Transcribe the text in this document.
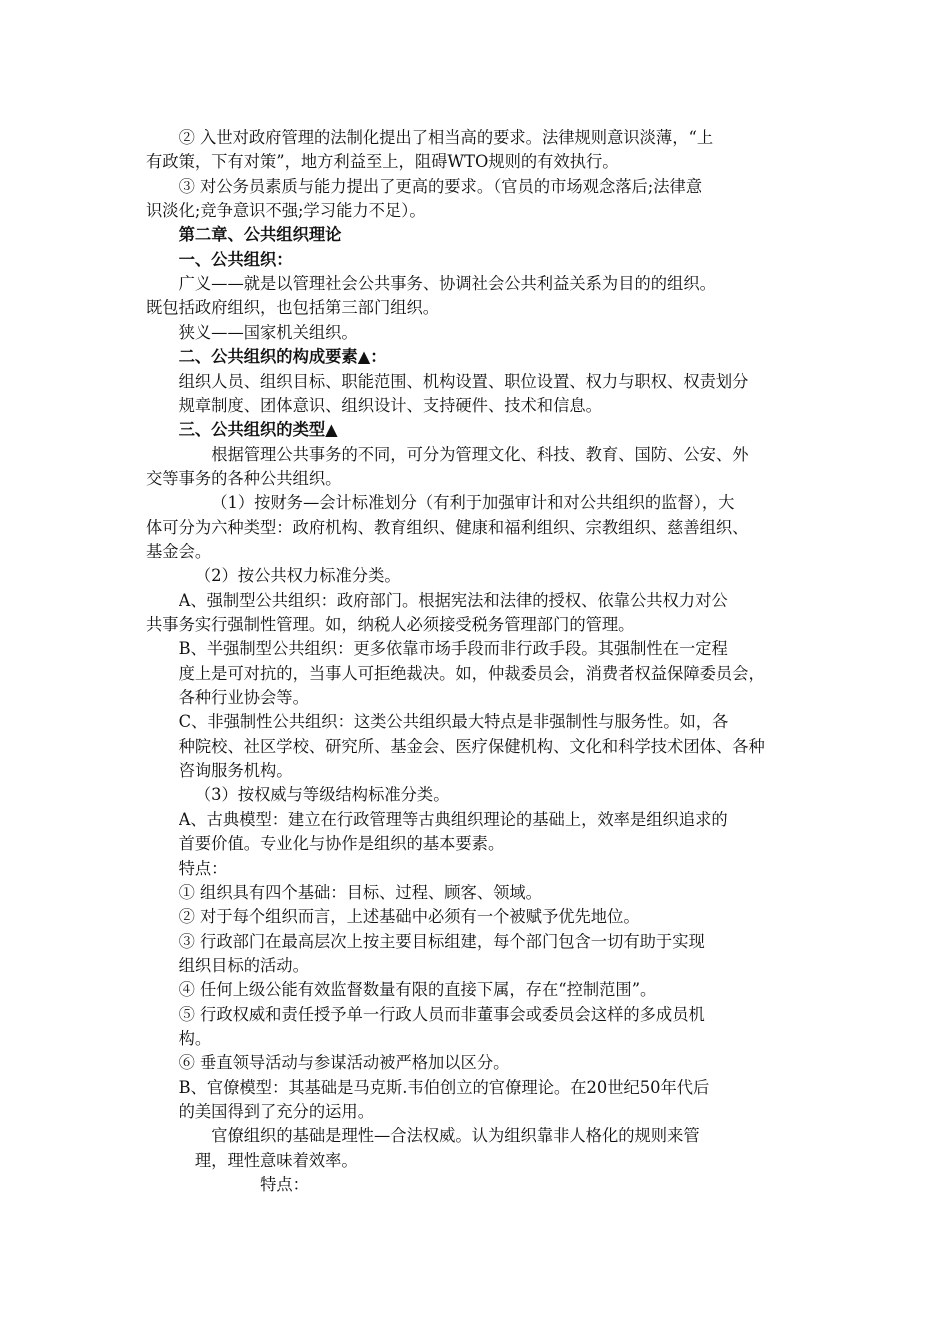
② 入世对政府管理的法制化提出了相当高的要求。法律规则意识淡薄，“上
有政策，下有对策”，地方利益至上，阻碍WTO规则的有效执行。
③ 对公务员素质与能力提出了更高的要求。（官员的市场观念落后;法律意
识淡化;竞争意识不强;学习能力不足）。
第二章、公共组织理论
一、公共组织：
广义——就是以管理社会公共事务、协调社会公共利益关系为目的的组织。
既包括政府组织，也包括第三部门组织。
狭义——国家机关组织。
二、公共组织的构成要素▲：
组织人员、组织目标、职能范围、机构设置、职位设置、权力与职权、权责划分
规章制度、团体意识、组织设计、支持硬件、技术和信息。
三、公共组织的类型▲
根据管理公共事务的不同，可分为管理文化、科技、教育、国防、公安、外
交等事务的各种公共组织。
（1）按财务—会计标准划分（有利于加强审计和对公共组织的监督），大
体可分为六种类型：政府机构、教育组织、健康和福利组织、宗教组织、慈善组织、
基金会。
（2）按公共权力标准分类。
A、强制型公共组织：政府部门。根据宪法和法律的授权、依靠公共权力对公
共事务实行强制性管理。如，纳税人必须接受税务管理部门的管理。
B、半强制型公共组织：更多依靠市场手段而非行政手段。其强制性在一定程
度上是可对抗的，当事人可拒绝裁决。如，仲裁委员会，消费者权益保障委员会，
各种行业协会等。
C、非强制性公共组织：这类公共组织最大特点是非强制性与服务性。如，各
种院校、社区学校、研究所、基金会、医疗保健机构、文化和科学技术团体、各种
咨询服务机构。
（3）按权威与等级结构标准分类。
A、古典模型：建立在行政管理等古典组织理论的基础上，效率是组织追求的
首要价值。专业化与协作是组织的基本要素。
特点：
① 组织具有四个基础：目标、过程、顾客、领域。
② 对于每个组织而言，上述基础中必须有一个被赋予优先地位。
③ 行政部门在最高层次上按主要目标组建，每个部门包含一切有助于实现
组织目标的活动。
④ 任何上级公能有效监督数量有限的直接下属，存在“控制范围”。
⑤ 行政权威和责任授予单一行政人员而非董事会或委员会这样的多成员机
构。
⑥ 垂直领导活动与参谋活动被严格加以区分。
B、官僚模型：其基础是马克斯.韦伯创立的官僚理论。在20世纪50年代后
的美国得到了充分的运用。
官僚组织的基础是理性—合法权威。认为组织靠非人格化的规则来管
理，理性意味着效率。
特点：
